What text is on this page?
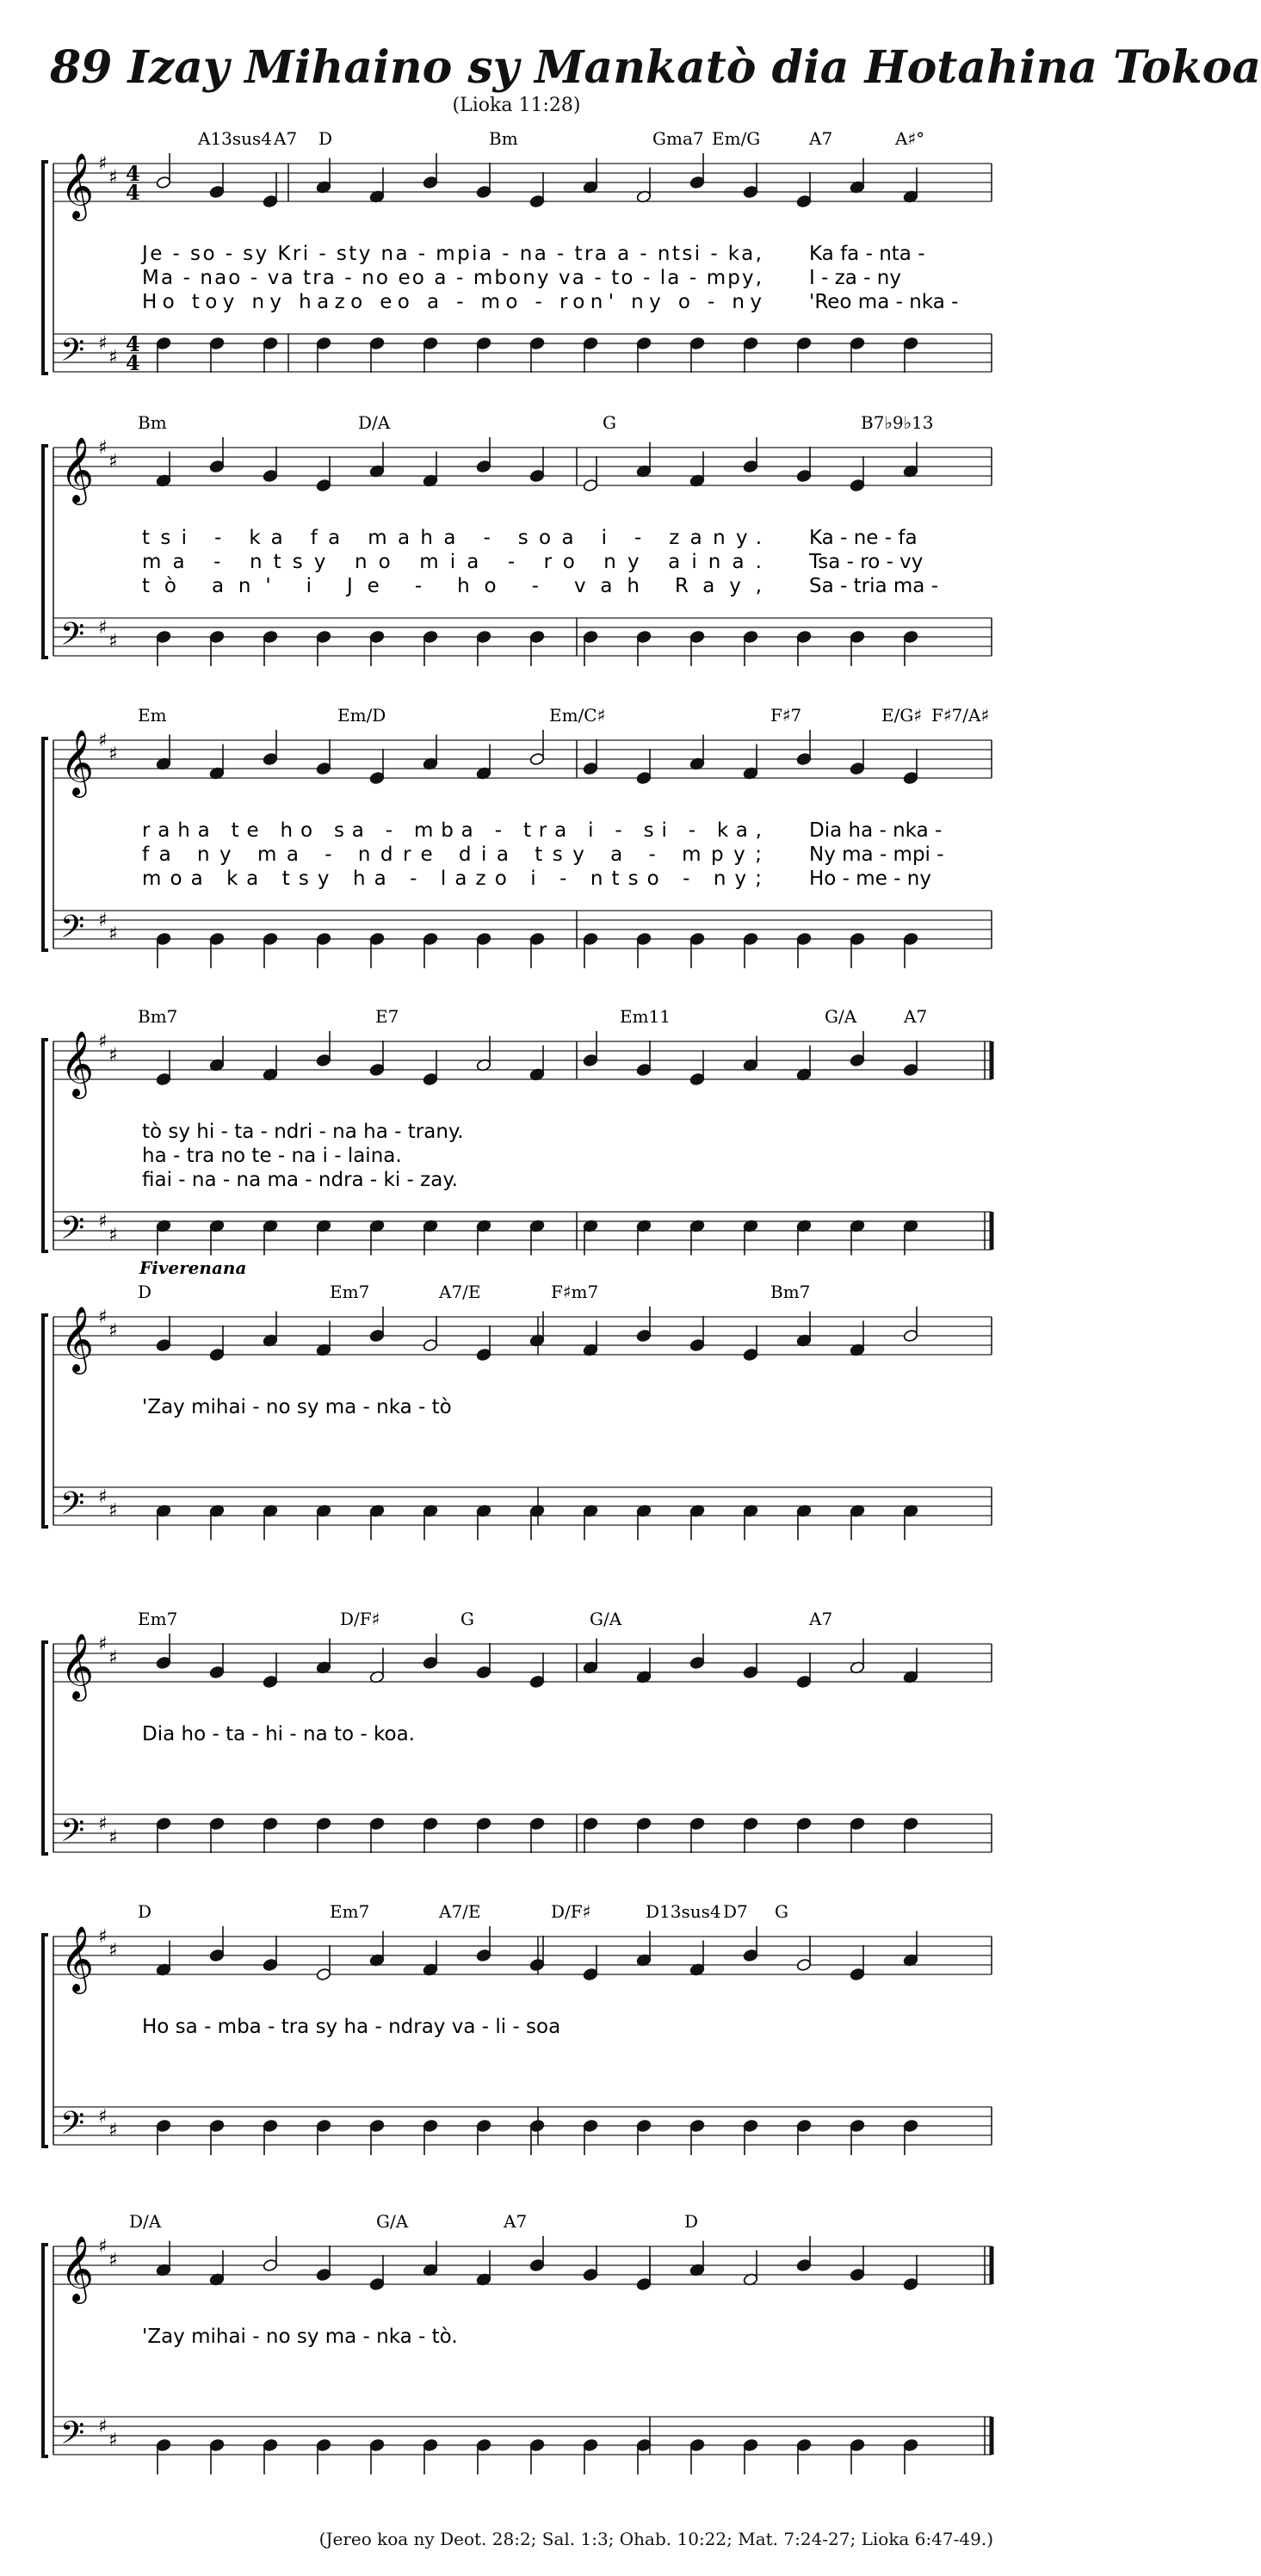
89 Izay Mihaino sy Mankatò dia Hotahina Tokoa
(Lioka 11:28)
A13sus4 A7 D	Bm	Gma7 Em/G	A7	A♯°
𝄞
𝄢
♯
♯
♯
♯
4
4
4
4
Je - so - sy Kri - sty na - mpia - na - tra a - ntsi - ka, Ka fa - nta -
Ma - nao - va tra - no eo a - mbony va - to - la - mpy, I - za - ny
Ho toy ny hazo eo a - mo - ron' ny o - ny 'Reo ma - nka -
Bm	D/A	G	B7♭9♭13
𝄞
𝄢
♯
♯
♯
♯
tsi - ka fa maha - soa i - zany. Ka - ne - fa
ma - ntsy no mia - ro ny aina. Tsa - ro - vy
tò an' i Je - ho - vah Ray, Sa - tria ma -
Em	Em/D	Em/C♯	F♯7	E/G♯ F♯7/A♯
𝄞
𝄢
♯
♯
♯
♯
raha te ho sa - mba - tra i - si - ka, Dia ha - nka -
fa ny ma - ndre dia tsy a - mpy; Ny ma - mpi -
moa ka tsy ha - lazo i - ntso - ny; Ho - me - ny
Bm7	E7	Em11	G/A	A7
𝄞
𝄢
♯
♯
♯
♯
tò sy hi - ta - ndri - na ha - trany.
ha - tra no te - na i - laina.
fiai - na - na ma - ndra - ki - zay.
Fiverenana
D	Em7	A7/E	F♯m7	Bm7
𝄞
𝄢
♯
♯
♯
♯
'Zay mihai - no sy ma - nka - tò
Em7	D/F♯	G	G/A	A7
𝄞
𝄢
♯
♯
♯
♯
Dia ho - ta - hi - na to - koa.
D	Em7	A7/E	D/F♯	D13sus4 D7 G
𝄞
𝄢
♯
♯
♯
♯
Ho sa - mba - tra sy ha - ndray va - li - soa
D/A	G/A	A7	D
𝄞
𝄢
♯
♯
♯
♯
'Zay mihai - no sy ma - nka - tò.
(Jereo koa ny Deot. 28:2; Sal. 1:3; Ohab. 10:22; Mat. 7:24-27; Lioka 6:47-49.)
